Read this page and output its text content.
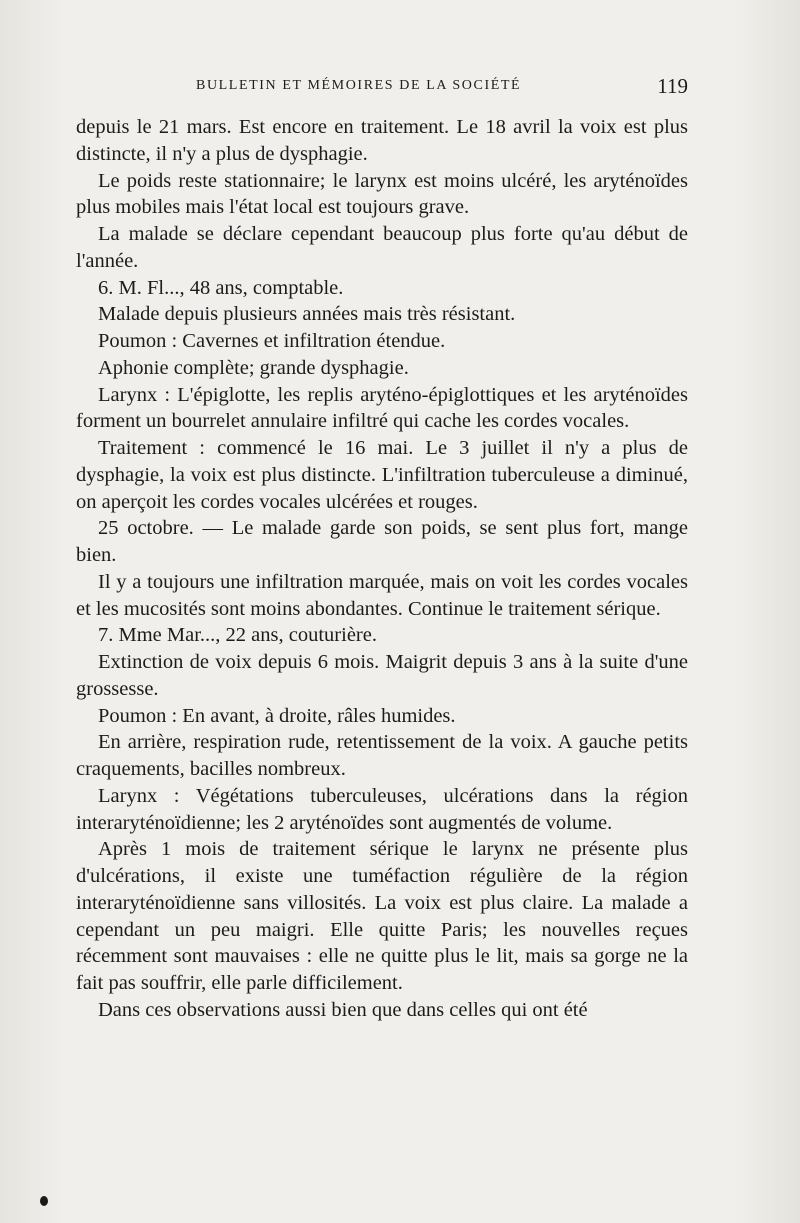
BULLETIN ET MÉMOIRES DE LA SOCIÉTÉ	119

depuis le 21 mars. Est encore en traitement. Le 18 avril la voix est plus distincte, il n'y a plus de dysphagie.

Le poids reste stationnaire; le larynx est moins ulcéré, les aryténoïdes plus mobiles mais l'état local est toujours grave.

La malade se déclare cependant beaucoup plus forte qu'au début de l'année.

6. M. Fl..., 48 ans, comptable.

Malade depuis plusieurs années mais très résistant.

Poumon : Cavernes et infiltration étendue.

Aphonie complète; grande dysphagie.

Larynx : L'épiglotte, les replis aryténo-épiglottiques et les aryténoïdes forment un bourrelet annulaire infiltré qui cache les cordes vocales.

Traitement : commencé le 16 mai. Le 3 juillet il n'y a plus de dysphagie, la voix est plus distincte. L'infiltration tuberculeuse a diminué, on aperçoit les cordes vocales ulcérées et rouges.

25 octobre. — Le malade garde son poids, se sent plus fort, mange bien.

Il y a toujours une infiltration marquée, mais on voit les cordes vocales et les mucosités sont moins abondantes. Continue le traitement sérique.

7. Mme Mar..., 22 ans, couturière.

Extinction de voix depuis 6 mois. Maigrit depuis 3 ans à la suite d'une grossesse.

Poumon : En avant, à droite, râles humides.

En arrière, respiration rude, retentissement de la voix. A gauche petits craquements, bacilles nombreux.

Larynx : Végétations tuberculeuses, ulcérations dans la région interaryténoïdienne; les 2 aryténoïdes sont augmentés de volume.

Après 1 mois de traitement sérique le larynx ne présente plus d'ulcérations, il existe une tuméfaction régulière de la région interaryténoïdienne sans villosités. La voix est plus claire. La malade a cependant un peu maigri. Elle quitte Paris; les nouvelles reçues récemment sont mauvaises : elle ne quitte plus le lit, mais sa gorge ne la fait pas souffrir, elle parle difficilement.

Dans ces observations aussi bien que dans celles qui ont été
